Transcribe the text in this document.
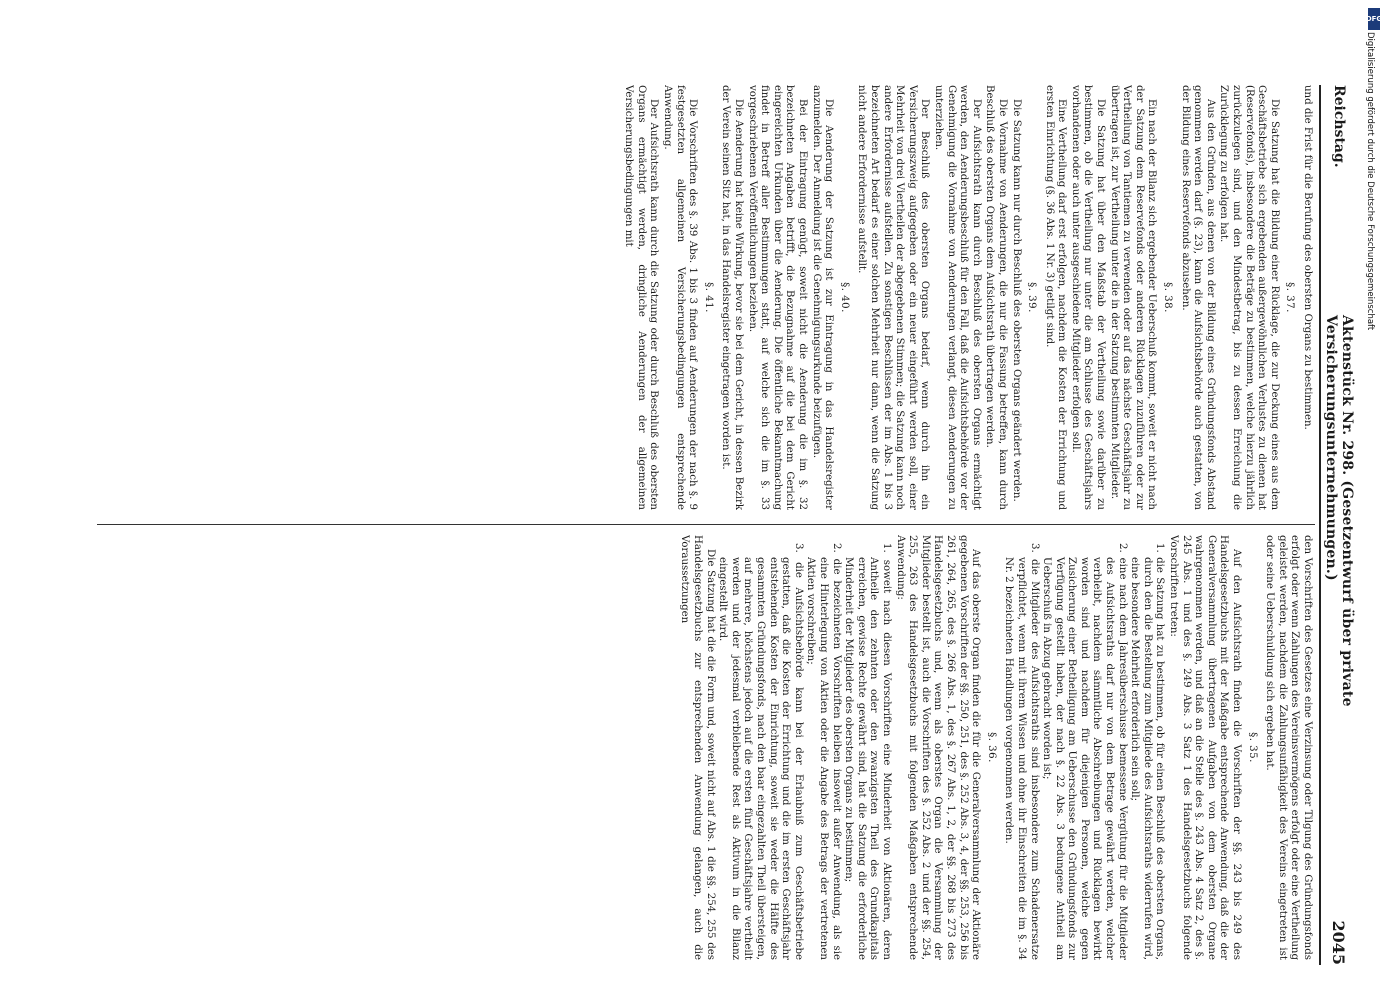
Reichstag.
Aktenstück Nr. 298. (Gesetzentwurf über private Versicherungsunternehmungen.)
2045

den Vorschriften des Gesetzes eine Verzinsung oder Tilgung des Gründungsfonds erfolgt oder wenn Zahlungen des Vereinsvermögens erfolgt oder eine Vertheilung geleistet werden, nachdem die Zahlungsunfähigkeit des Vereins eingetreten ist oder seine Ueberschuldung sich ergeben hat.

§. 35.

Auf den Aufsichtsrath finden die Vorschriften der §§. 243 bis 249 des Handelsgesetzbuchs mit der Maßgabe entsprechende Anwendung, daß die der Generalversammlung übertragenen Aufgaben von dem obersten Organe wahrgenommen werden, und daß an die Stelle des §. 243 Abs. 4 Satz 2, des §. 245 Abs. 1 und des §. 249 Abs. 3 Satz 1 des Handelsgesetzbuchs folgende Vorschriften treten:

1. die Satzung hat zu bestimmen, ob für einen Beschluß des obersten Organs, durch den die Bestellung zum Mitgliede des Aufsichtsraths widerrufen wird, eine besondere Mehrheit erforderlich sein soll;

2. eine nach dem Jahresüberschusse bemessene Vergütung für die Mitglieder des Aufsichtsraths darf nur von dem Betrage gewährt werden, welcher verbleibt, nachdem sämmtliche Abschreibungen und Rücklagen bewirkt worden sind und nachdem für diejenigen Personen, welche gegen Zusicherung einer Betheiligung am Ueberschusse den Gründungsfonds zur Verfügung gestellt haben, der nach §. 22 Abs. 3 bedungene Antheil am Ueberschuß in Abzug gebracht worden ist;

3. die Mitglieder des Aufsichtsraths sind insbesondere zum Schadenersatze verpflichtet, wenn mit ihrem Wissen und ohne ihr Einschreiten die im §. 34 Nr. 2 bezeichneten Handlungen vorgenommen werden.

§. 36.

Auf das oberste Organ finden die für die Generalversammlung der Aktionäre gegebenen Vorschriften der §§. 250, 251, des §. 252 Abs. 3, 4, der §§. 253, 256 bis 261, 264, 265, des §. 266 Abs. 1, des §. 267 Abs. 1, 2, der §§. 268 bis 273 des Handelsgesetzbuchs und, wenn als oberstes Organ die Versammlung der Mitglieder bestellt ist, auch die Vorschriften des §. 252 Abs. 2 und der §§. 254, 255, 263 des Handelsgesetzbuchs mit folgenden Maßgaben entsprechende Anwendung:

1. soweit nach diesen Vorschriften eine Minderheit von Aktionären, deren Antheile den zehnten oder den zwanzigsten Theil des Grundkapitals erreichen, gewisse Rechte gewährt sind, hat die Satzung die erforderliche Minderheit der Mitglieder des obersten Organs zu bestimmen;

2. die bezeichneten Vorschriften bleiben insoweit außer Anwendung, als sie eine Hinterlegung von Aktien oder die Angabe des Betrags der vertretenen Aktien vorschreiben;

3. die Aufsichtsbehörde kann bei der Erlaubniß zum Geschäftsbetriebe gestatten, daß die Kosten der Errichtung und die im ersten Geschäftsjahr entstehenden Kosten der Einrichtung, soweit sie weder die Hälfte des gesammten Gründungsfonds, nach den baar eingezahlten Theil übersteigen, auf mehrere, höchstens jedoch auf die ersten fünf Geschäftsjahre vertheilt werden und der jedesmal verbleibende Rest als Aktivum in die Bilanz eingestellt wird.

Die Satzung hat die die Form und, soweit nicht auf Abs. 1 die §§. 254, 255 des Handelsgesetzbuchs zur entsprechenden Anwendung gelangen, auch die Voraussetzungen

und die Frist für die Berufung des obersten Organs zu bestimmen.

§. 37.

Die Satzung hat die Bildung einer Rücklage, die zur Deckung eines aus dem Geschäftsbetriebe sich ergebenden außergewöhnlichen Verlustes zu dienen hat (Reservefonds), insbesondere die Beträge zu bestimmen, welche hierzu jährlich zurückzulegen sind, und den Mindestbetrag, bis zu dessen Erreichung die Zurücklegung zu erfolgen hat.

Aus den Gründen, aus denen von der Bildung eines Gründungsfonds Abstand genommen werden darf (§. 23), kann die Aufsichtsbehörde auch gestatten, von der Bildung eines Reservefonds abzusehen.

§. 38.

Ein nach der Bilanz sich ergebender Ueberschuß kommt, soweit er nicht nach der Satzung dem Reservefonds oder anderen Rücklagen zuzuführen oder zur Vertheilung von Tantiemen zu verwenden oder auf das nächste Geschäftsjahr zu übertragen ist, zur Vertheilung unter die in der Satzung bestimmten Mitglieder.

Die Satzung hat über den Maßstab der Vertheilung sowie darüber zu bestimmen, ob die Vertheilung nur unter die am Schlusse des Geschäftsjahrs vorhandenen oder auch unter ausgeschiedene Mitglieder erfolgen soll.

Eine Vertheilung darf erst erfolgen, nachdem die Kosten der Errichtung und ersten Einrichtung (§. 36 Abs. 1 Nr. 3) getilgt sind.

§. 39.

Die Satzung kann nur durch Beschluß des obersten Organs geändert werden.

Die Vornahme von Aenderungen, die nur die Fassung betreffen, kann durch Beschluß des obersten Organs dem Aufsichtsrath übertragen werden.

Der Aufsichtsrath kann durch Beschluß des obersten Organs ermächtigt werden, den Aenderungsbeschluß für den Fall, daß die Aufsichtsbehörde vor der Genehmigung die Vornahme von Aenderungen verlangt, diesen Aenderungen zu unterziehen.

Der Beschluß des obersten Organs bedarf, wenn durch ihn ein Versicherungszweig aufgegeben oder ein neuer eingeführt werden soll, einer Mehrheit von drei Viertheilen der abgegebenen Stimmen; die Satzung kann noch andere Erfordernisse aufstellen. Zu sonstigen Beschlüssen der im Abs. 1 bis 3 bezeichneten Art bedarf es einer solchen Mehrheit nur dann, wenn die Satzung nicht andere Erfordernisse aufstellt.

§. 40.

Die Aenderung der Satzung ist zur Eintragung in das Handelsregister anzumelden. Der Anmeldung ist die Genehmigungsurkunde beizufügen.

Bei der Eintragung genügt, soweit nicht die Aenderung die im §. 32 bezeichneten Angaben betrifft, die Bezugnahme auf die bei dem Gericht eingereichten Urkunden über die Aenderung. Die öffentliche Bekanntmachung findet in Betreff aller Bestimmungen statt, auf welche sich die im §. 33 vorgeschriebenen Veröffentlichungen beziehen.

Die Aenderung hat keine Wirkung, bevor sie bei dem Gericht, in dessen Bezirk der Verein seinen Sitz hat, in das Handelsregister eingetragen worden ist.

§. 41.

Die Vorschriften des §. 39 Abs. 1 bis 3 finden auf Aenderungen der nach §. 9 festgesetzten allgemeinen Versicherungsbedingungen entsprechende Anwendung.

Der Aufsichtsrath kann durch die Satzung oder durch Beschluß des obersten Organs ermächtigt werden, dringliche Aenderungen der allgemeinen Versicherungsbedingungen mit

DFG
Digitalisierung gefördert durch die Deutsche Forschungsgemeinschaft
